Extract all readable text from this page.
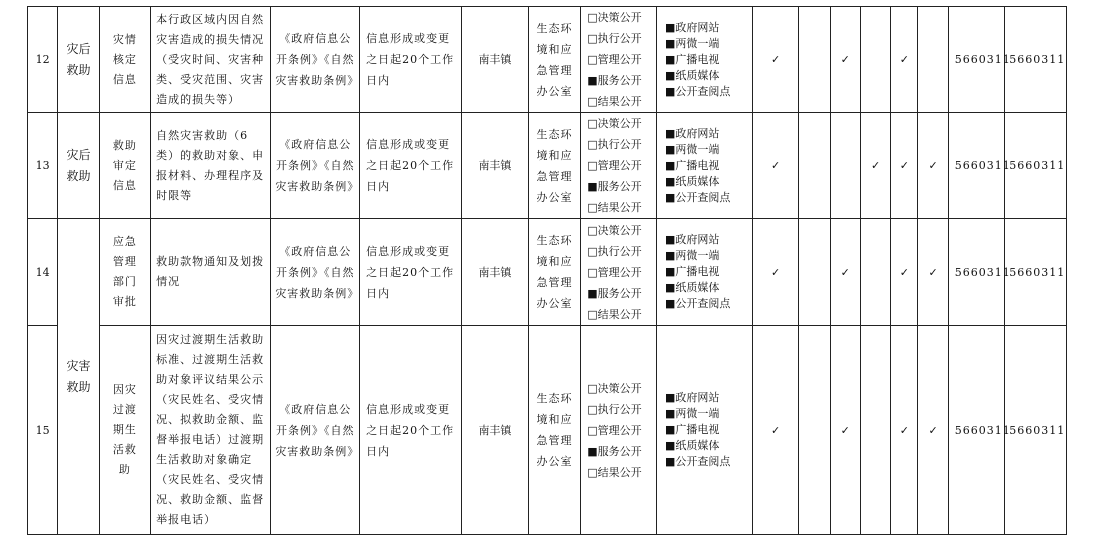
12	灾后救助	灾情核定信息	本行政区域内因自然灾害造成的损失情况（受灾时间、灾害种类、受灾范围、灾害造成的损失等）	《政府信息公开条例》《自然灾害救助条例》	信息形成或变更之日起20个工作日内	南丰镇	生态环境和应急管理办公室	□决策公开
□执行公开
□管理公开
■服务公开
□结果公开	■政府网站
■两微一端
■广播电视
■纸质媒体
■公开查阅点	✓		✓		✓		5660311	5660311
13	灾后救助	救助审定信息	自然灾害救助（6类）的救助对象、申报材料、办理程序及时限等	《政府信息公开条例》《自然灾害救助条例》	信息形成或变更之日起20个工作日内	南丰镇	生态环境和应急管理办公室	□决策公开
□执行公开
□管理公开
■服务公开
□结果公开	■政府网站
■两微一端
■广播电视
■纸质媒体
■公开查阅点	✓			✓	✓	✓	5660311	5660311
14	灾害救助	应急管理部门审批	救助款物通知及划拨情况	《政府信息公开条例》《自然灾害救助条例》	信息形成或变更之日起20个工作日内	南丰镇	生态环境和应急管理办公室	□决策公开
□执行公开
□管理公开
■服务公开
□结果公开	■政府网站
■两微一端
■广播电视
■纸质媒体
■公开查阅点	✓		✓		✓	✓	5660311	5660311
15		因灾过渡期生活救助	因灾过渡期生活救助标准、过渡期生活救助对象评议结果公示（灾民姓名、受灾情况、拟救助金额、监督举报电话）过渡期生活救助对象确定（灾民姓名、受灾情况、救助金额、监督举报电话）	《政府信息公开条例》《自然灾害救助条例》	信息形成或变更之日起20个工作日内	南丰镇	生态环境和应急管理办公室	□决策公开
□执行公开
□管理公开
■服务公开
□结果公开	■政府网站
■两微一端
■广播电视
■纸质媒体
■公开查阅点	✓		✓		✓	✓	5660311	5660311
